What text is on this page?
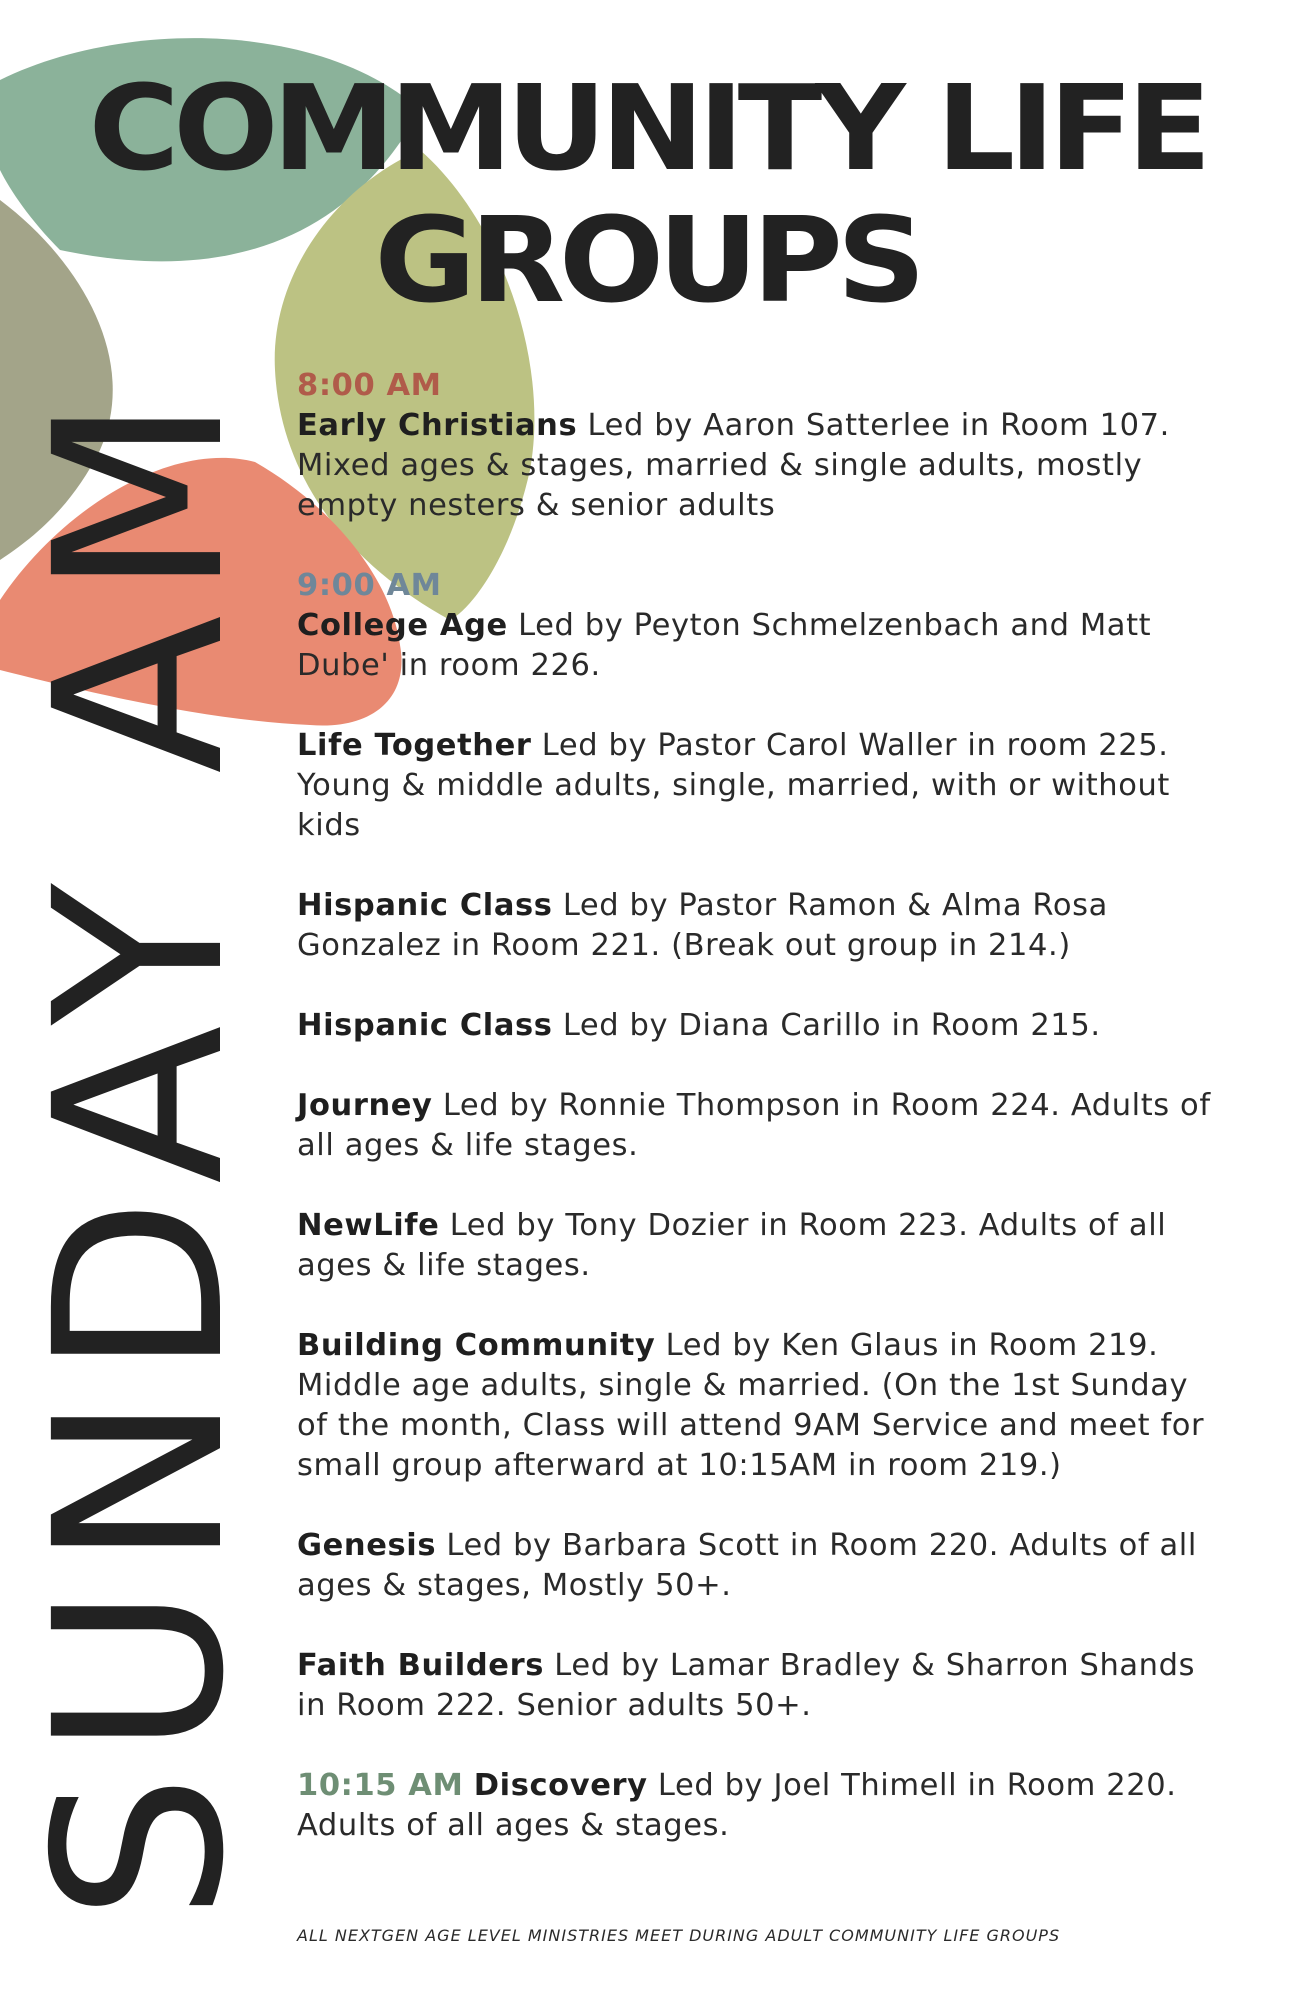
COMMUNITY LIFE
GROUPS
SUNDAY AM 8:00 AM

Early Christians Led by Aaron Satterlee in Room 107. Mixed ages & stages, married & single adults, mostly empty nesters & senior adults

9:00 AM

College Age Led by Peyton Schmelzenbach and Matt Dube' in room 226.

Life Together Led by Pastor Carol Waller in room 225. Young & middle adults, single, married, with or without kids

Hispanic Class Led by Pastor Ramon & Alma Rosa Gonzalez in Room 221. (Break out group in 214.)

Hispanic Class Led by Diana Carillo in Room 215.

Journey Led by Ronnie Thompson in Room 224. Adults of all ages & life stages.

NewLife Led by Tony Dozier in Room 223. Adults of all ages & life stages.

Building Community Led by Ken Glaus in Room 219. Middle age adults, single & married. (On the 1st Sunday of the month, Class will attend 9AM Service and meet for small group afterward at 10:15AM in room 219.)

Genesis Led by Barbara Scott in Room 220. Adults of all ages & stages, Mostly 50+.

Faith Builders Led by Lamar Bradley & Sharron Shands in Room 222. Senior adults 50+.

10:15 AM Discovery Led by Joel Thimell in Room 220. Adults of all ages & stages.

ALL NEXTGEN AGE LEVEL MINISTRIES MEET DURING ADULT COMMUNITY LIFE GROUPS
